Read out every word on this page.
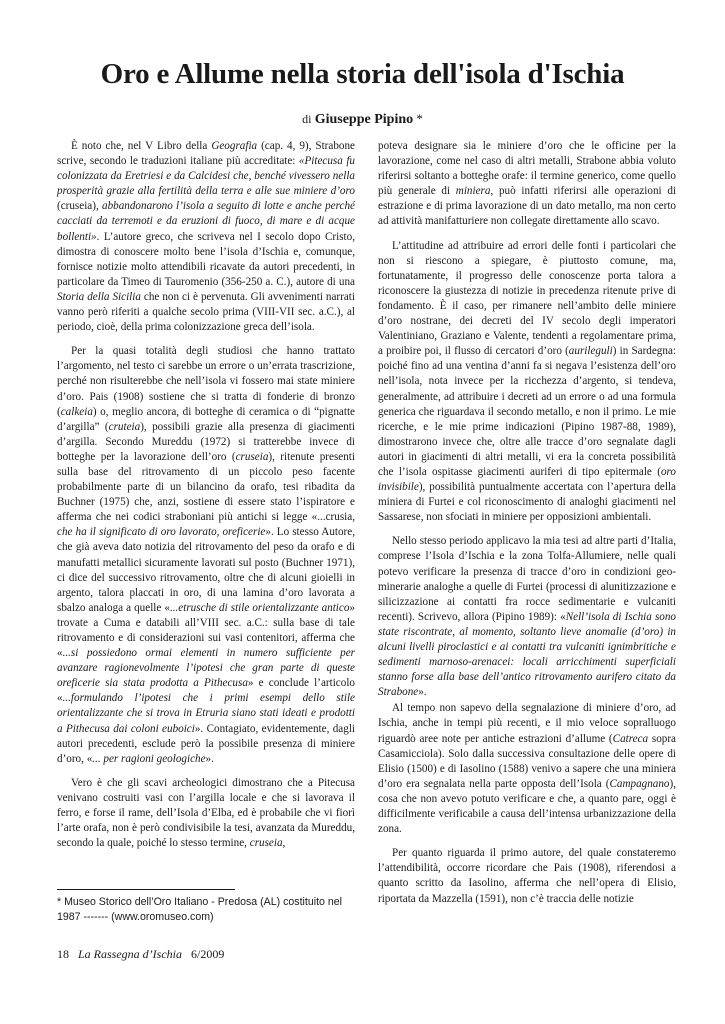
Oro e Allume nella storia dell'isola d'Ischia
di Giuseppe Pipino *

È noto che, nel V Libro della Geografia (cap. 4, 9), Strabone scrive, secondo le traduzioni italiane più accreditate: «Pitecusa fu colonizzata da Eretriesi e da Calcidesi che, benché vivessero nella prosperità grazie alla fertilità della terra e alle sue miniere d’oro (cruseia), abbandonarono l’isola a seguito di lotte e anche perché cacciati da terremoti e da eruzioni di fuoco, di mare e di acque bollenti». L’autore greco, che scriveva nel I secolo dopo Cristo, dimostra di conoscere molto bene l’isola d’Ischia e, comunque, fornisce notizie molto attendibili ricavate da autori precedenti, in particolare da Timeo di Tauromenio (356-250 a. C.), autore di una Storia della Sicilia che non ci è pervenuta. Gli avvenimenti narrati vanno però riferiti a qualche secolo prima (VIII-VII sec. a.C.), al periodo, cioè, della prima colonizzazione greca dell’isola.

Per la quasi totalità degli studiosi che hanno trattato l’argomento, nel testo ci sarebbe un errore o un’errata trascrizione, perché non risulterebbe che nell’isola vi fossero mai state miniere d’oro. Pais (1908) sostiene che si tratta di fonderie di bronzo (calkeia) o, meglio ancora, di botteghe di ceramica o di “pignatte d’argilla” (cruteia), possibili grazie alla presenza di giacimenti d’argilla. Secondo Mureddu (1972) si tratterebbe invece di botteghe per la lavorazione dell’oro (cruseia), ritenute presenti sulla base del ritrovamento di un piccolo peso facente probabilmente parte di un bilancino da orafo, tesi ribadita da Buchner (1975) che, anzi, sostiene di essere stato l’ispiratore e afferma che nei codici straboniani più antichi si legge «...crusia, che ha il significato di oro lavorato, oreficerie». Lo stesso Autore, che già aveva dato notizia del ritrovamento del peso da orafo e di manufatti metallici sicuramente lavorati sul posto (Buchner 1971), ci dice del successivo ritrovamento, oltre che di alcuni gioielli in argento, talora placcati in oro, di una lamina d’oro lavorata a sbalzo analoga a quelle «...etrusche di stile orientalizzante antico» trovate a Cuma e databili all’VIII sec. a.C.: sulla base di tale ritrovamento e di considerazioni sui vasi contenitori, afferma che «...si possiedono ormai elementi in numero sufficiente per avanzare ragionevolmente l’ipotesi che gran parte di queste oreficerie sia stata prodotta a Pithecusa» e conclude l’articolo «...formulando l’ipotesi che i primi esempi dello stile orientalizzante che si trova in Etruria siano stati ideati e prodotti a Pithecusa dai coloni euboici». Contagiato, evidentemente, dagli autori precedenti, esclude però la possibile presenza di miniere d’oro, «... per ragioni geologiche».

Vero è che gli scavi archeologici dimostrano che a Pitecusa venivano costruiti vasi con l’argilla locale e che si lavorava il ferro, e forse il rame, dell’Isola d’Elba, ed è probabile che vi fiorì l’arte orafa, non è però condivisibile la tesi, avanzata da Mureddu, secondo la quale, poiché lo stesso termine, cruseia,

poteva designare sia le miniere d’oro che le officine per la lavorazione, come nel caso di altri metalli, Strabone abbia voluto riferirsi soltanto a botteghe orafe: il termine generico, come quello più generale di miniera, può infatti riferirsi alle operazioni di estrazione e di prima lavorazione di un dato metallo, ma non certo ad attività manifatturiere non collegate direttamente allo scavo.

L’attitudine ad attribuire ad errori delle fonti i particolari che non si riescono a spiegare, è piuttosto comune, ma, fortunatamente, il progresso delle conoscenze porta talora a riconoscere la giustezza di notizie in precedenza ritenute prive di fondamento. È il caso, per rimanere nell’ambito delle miniere d’oro nostrane, dei decreti del IV secolo degli imperatori Valentiniano, Graziano e Valente, tendenti a regolamentare prima, a proibire poi, il flusso di cercatori d’oro (aurileguli) in Sardegna: poiché fino ad una ventina d’anni fa si negava l’esistenza dell’oro nell’isola, nota invece per la ricchezza d’argento, si tendeva, generalmente, ad attribuire i decreti ad un errore o ad una formula generica che riguardava il secondo metallo, e non il primo. Le mie ricerche, e le mie prime indicazioni (Pipino 1987-88, 1989), dimostrarono invece che, oltre alle tracce d’oro segnalate dagli autori in giacimenti di altri metalli, vi era la concreta possibilità che l’isola ospitasse giacimenti auriferi di tipo epitermale (oro invisibile), possibilità puntualmente accertata con l’apertura della miniera di Furtei e col riconoscimento di analoghi giacimenti nel Sassarese, non sfociati in miniere per opposizioni ambientali.

Nello stesso periodo applicavo la mia tesi ad altre parti d’Italia, comprese l’Isola d’Ischia e la zona Tolfa-Allumiere, nelle quali potevo verificare la presenza di tracce d’oro in condizioni geo-minerarie analoghe a quelle di Furtei (processi di alunitizzazione e silicizzazione ai contatti fra rocce sedimentarie e vulcaniti recenti). Scrivevo, allora (Pipino 1989): «Nell’isola di Ischia sono state riscontrate, al momento, soltanto lieve anomalie (d’oro) in alcuni livelli piroclastici e ai contatti tra vulcaniti ignimbritiche e sedimenti marnoso-arenacei: locali arricchimenti superficiali stanno forse alla base dell’antico ritrovamento aurifero citato da Strabone».

Al tempo non sapevo della segnalazione di miniere d’oro, ad Ischia, anche in tempi più recenti, e il mio veloce sopralluogo riguardò aree note per antiche estrazioni d’allume (Catreca sopra Casamicciola). Solo dalla successiva consultazione delle opere di Elisio (1500) e di Iasolino (1588) venivo a sapere che una miniera d’oro era segnalata nella parte opposta dell’Isola (Campagnano), cosa che non avevo potuto verificare e che, a quanto pare, oggi è difficilmente verificabile a causa dell’intensa urbanizzazione della zona.

Per quanto riguarda il primo autore, del quale constateremo l’attendibilità, occorre ricordare che Pais (1908), riferendosi a quanto scritto da Iasolino, afferma che nell’opera di Elisio, riportata da Mazzella (1591), non c’è traccia delle notizie

* Museo Storico dell’Oro Italiano - Predosa (AL) costituito nel 1987 ------- (www.oromuseo.com)
18 La Rassegna d’Ischia 6/2009
